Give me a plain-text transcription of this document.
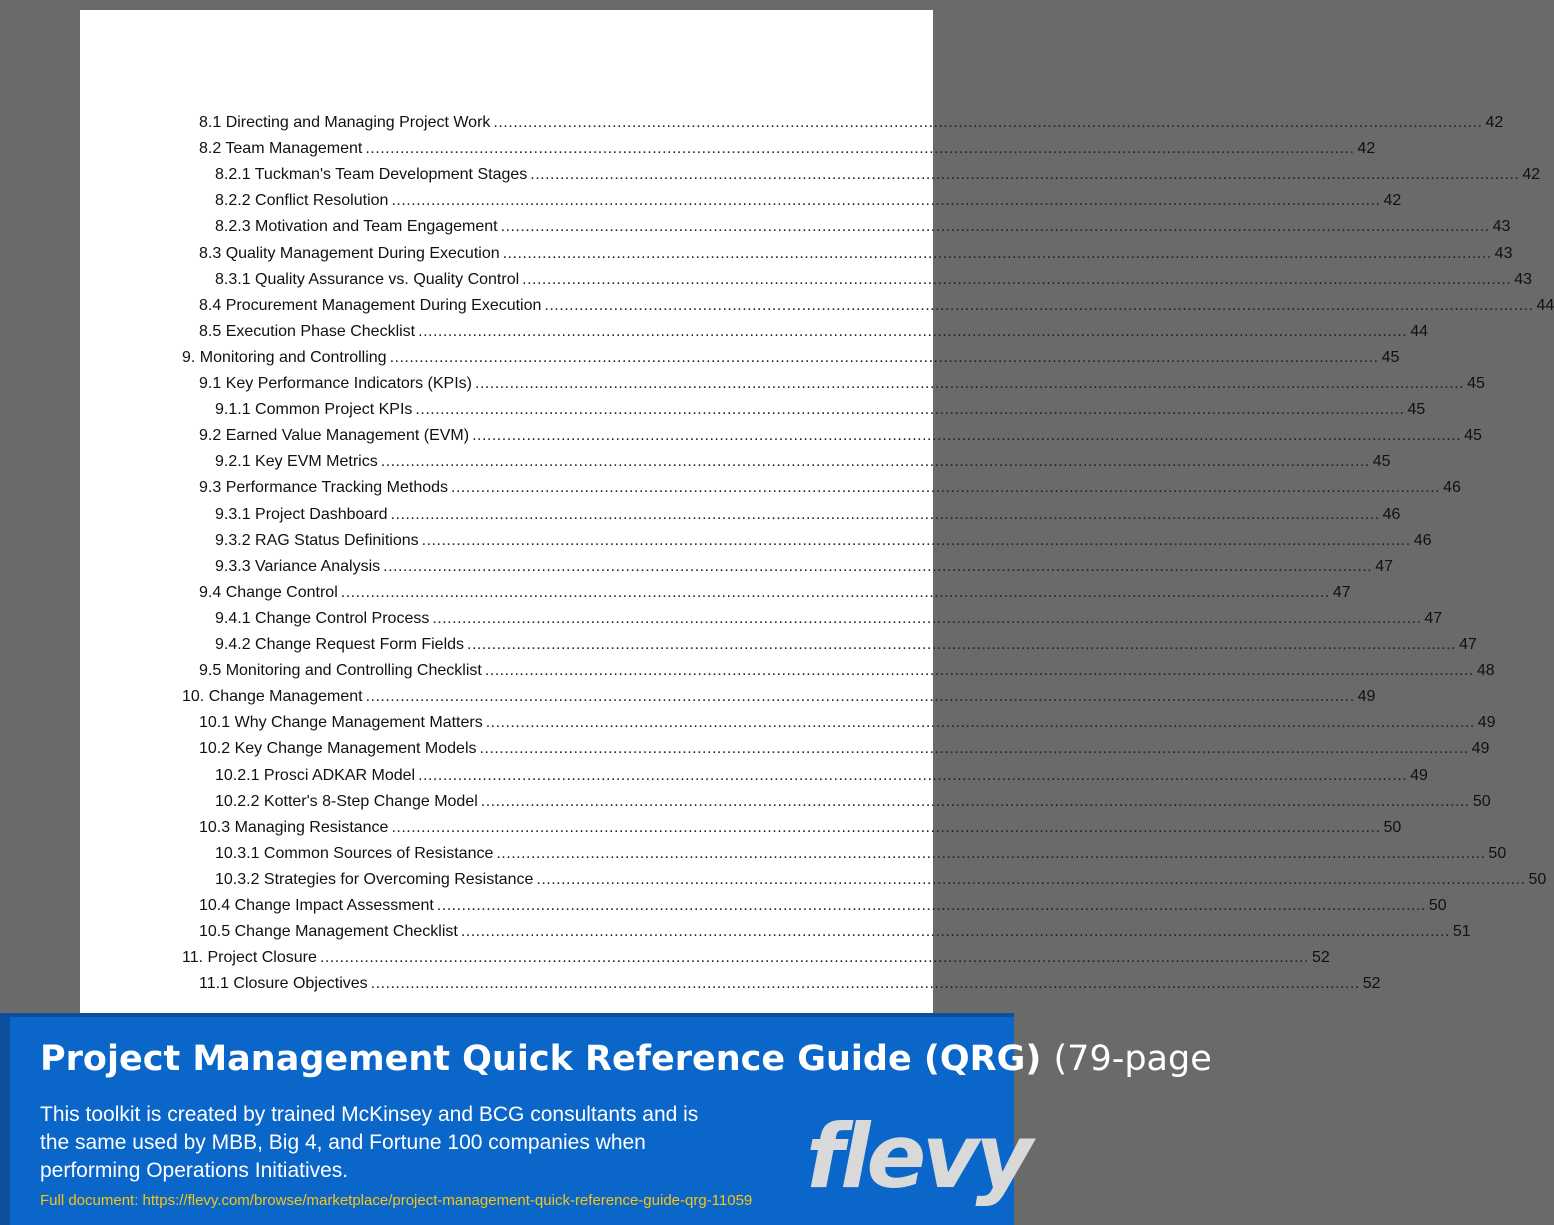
8.1 Directing and Managing Project Work .....	42
8.2 Team Management .....	42
8.2.1 Tuckman's Team Development Stages .....	42
8.2.2 Conflict Resolution .....	42
8.2.3 Motivation and Team Engagement .....	43
8.3 Quality Management During Execution .....	43
8.3.1 Quality Assurance vs. Quality Control .....	43
8.4 Procurement Management During Execution .....	44
8.5 Execution Phase Checklist .....	44
9. Monitoring and Controlling .....	45
9.1 Key Performance Indicators (KPIs) .....	45
9.1.1 Common Project KPIs .....	45
9.2 Earned Value Management (EVM) .....	45
9.2.1 Key EVM Metrics .....	45
9.3 Performance Tracking Methods .....	46
9.3.1 Project Dashboard .....	46
9.3.2 RAG Status Definitions .....	46
9.3.3 Variance Analysis .....	47
9.4 Change Control .....	47
9.4.1 Change Control Process .....	47
9.4.2 Change Request Form Fields .....	47
9.5 Monitoring and Controlling Checklist .....	48
10. Change Management .....	49
10.1 Why Change Management Matters .....	49
10.2 Key Change Management Models .....	49
10.2.1 Prosci ADKAR Model .....	49
10.2.2 Kotter's 8-Step Change Model .....	50
10.3 Managing Resistance .....	50
10.3.1 Common Sources of Resistance .....	50
10.3.2 Strategies for Overcoming Resistance .....	50
10.4 Change Impact Assessment .....	50
10.5 Change Management Checklist .....	51
11. Project Closure .....	52
11.1 Closure Objectives .....	52
Project Management Quick Reference Guide (QRG) (79-page
This toolkit is created by trained McKinsey and BCG consultants and is the same used by MBB, Big 4, and Fortune 100 companies when performing Operations Initiatives.
Full document: https://flevy.com/browse/marketplace/project-management-quick-reference-guide-qrg-11059 flevy
